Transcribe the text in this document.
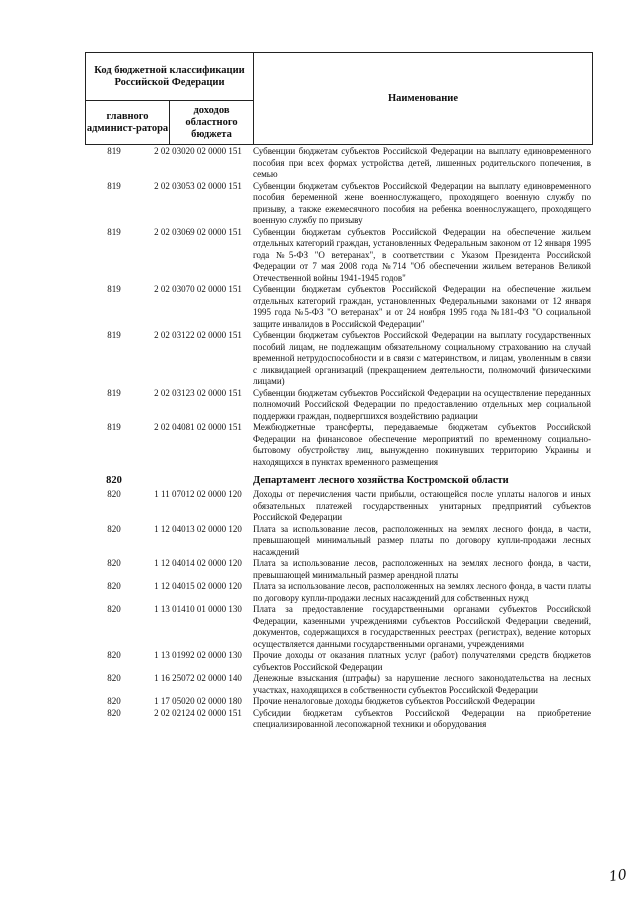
Код бюджетной классификации Российской Федерации		Наименование
главного админист-ратора	доходов областного бюджета	
819	2 02 03020 02 0000 151	Субвенции бюджетам субъектов Российской Федерации на выплату единовременного пособия при всех формах устройства детей, лишенных родительского попечения, в семью
819	2 02 03053 02 0000 151	Субвенции бюджетам субъектов Российской Федерации на выплату единовременного пособия беременной жене военнослужащего, проходящего военную службу по призыву, а также ежемесячного пособия на ребенка военнослужащего, проходящего военную службу по призыву
819	2 02 03069 02 0000 151	Субвенции бюджетам субъектов Российской Федерации на обеспечение жильем отдельных категорий граждан, установленных Федеральным законом от 12 января 1995 года №5-ФЗ "О ветеранах", в соответствии с Указом Президента Российской Федерации от 7 мая 2008 года №714 "Об обеспечении жильем ветеранов Великой Отечественной войны 1941-1945 годов"
819	2 02 03070 02 0000 151	Субвенции бюджетам субъектов Российской Федерации на обеспечение жильем отдельных категорий граждан, установленных Федеральными законами от 12 января 1995 года №5-ФЗ "О ветеранах" и от 24 ноября 1995 года №181-ФЗ "О социальной защите инвалидов в Российской Федерации"
819	2 02 03122 02 0000 151	Субвенции бюджетам субъектов Российской Федерации на выплату государственных пособий лицам, не подлежащим обязательному социальному страхованию на случай временной нетрудоспособности и в связи с материнством, и лицам, уволенным в связи с ликвидацией организаций (прекращением деятельности, полномочий физическими лицами)
819	2 02 03123 02 0000 151	Субвенции бюджетам субъектов Российской Федерации на осуществление переданных полномочий Российской Федерации по предоставлению отдельных мер социальной поддержки граждан, подвергшихся воздействию радиации
819	2 02 04081 02 0000 151	Межбюджетные трансферты, передаваемые бюджетам субъектов Российской Федерации на финансовое обеспечение мероприятий по временному социально-бытовому обустройству лиц, вынужденно покинувших территорию Украины и находящихся в пунктах временного размещения
820	Департамент лесного хозяйства Костромской области
820	1 11 07012 02 0000 120	Доходы от перечисления части прибыли, остающейся после уплаты налогов и иных обязательных платежей государственных унитарных предприятий субъектов Российской Федерации
820	1 12 04013 02 0000 120	Плата за использование лесов, расположенных на землях лесного фонда, в части, превышающей минимальный размер платы по договору купли-продажи лесных насаждений
820	1 12 04014 02 0000 120	Плата за использование лесов, расположенных на землях лесного фонда, в части, превышающей минимальный размер арендной платы
820	1 12 04015 02 0000 120	Плата за использование лесов, расположенных на землях лесного фонда, в части платы по договору купли-продажи лесных насаждений для собственных нужд
820	1 13 01410 01 0000 130	Плата за предоставление государственными органами субъектов Российской Федерации, казенными учреждениями субъектов Российской Федерации сведений, документов, содержащихся в государственных реестрах (регистрах), ведение которых осуществляется данными государственными органами, учреждениями
820	1 13 01992 02 0000 130	Прочие доходы от оказания платных услуг (работ) получателями средств бюджетов субъектов Российской Федерации
820	1 16 25072 02 0000 140	Денежные взыскания (штрафы) за нарушение лесного законодательства на лесных участках, находящихся в собственности субъектов Российской Федерации
820	1 17 05020 02 0000 180	Прочие неналоговые доходы бюджетов субъектов Российской Федерации
820	2 02 02124 02 0000 151	Субсидии бюджетам субъектов Российской Федерации на приобретение специализированной лесопожарной техники и оборудования
10
